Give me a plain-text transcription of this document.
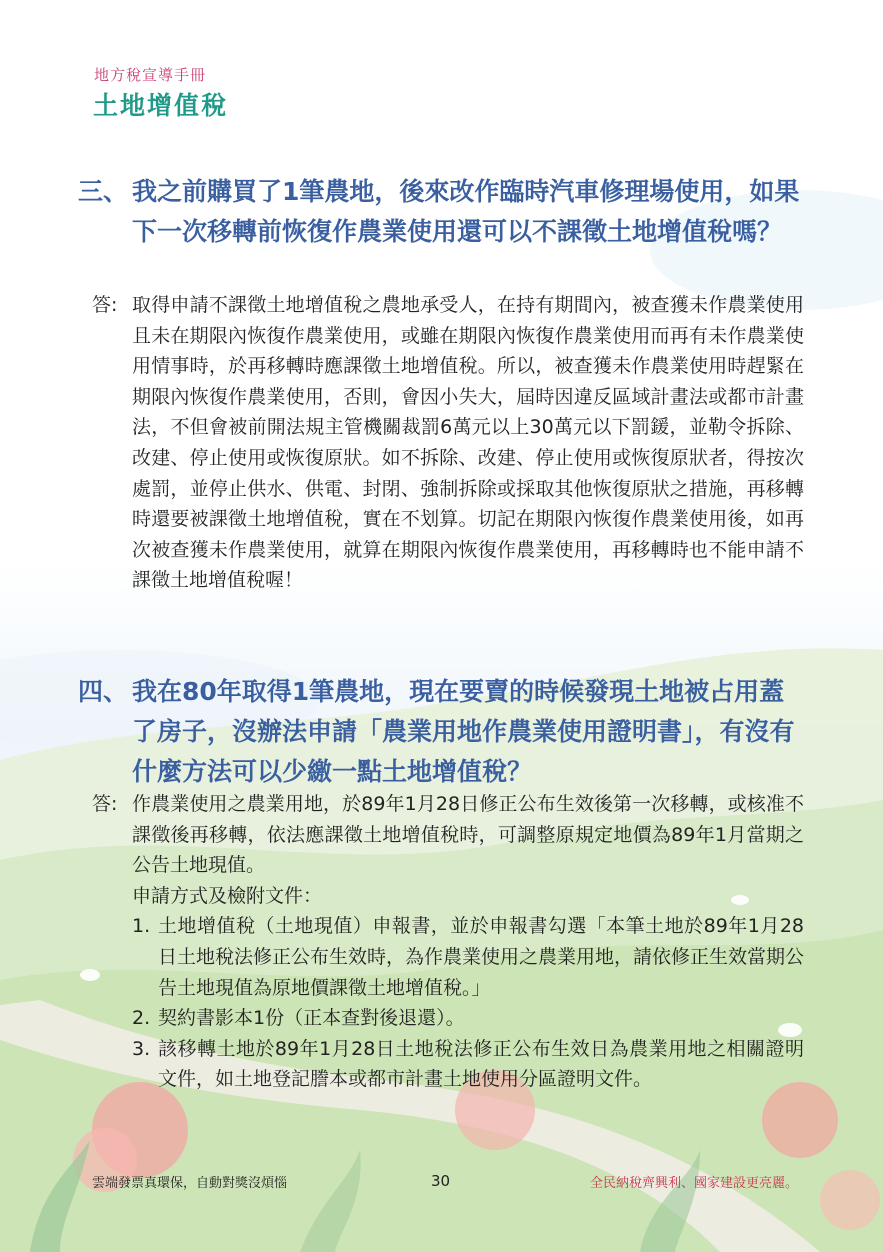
地方稅宣導手冊
土地增值稅
三、 我之前購買了1筆農地，後來改作臨時汽車修理場使用，如果下一次移轉前恢復作農業使用還可以不課徵土地增值稅嗎？
答: 取得申請不課徵土地增值稅之農地承受人，在持有期間內，被查獲未作農業使用且未在期限內恢復作農業使用，或雖在期限內恢復作農業使用而再有未作農業使用情事時，於再移轉時應課徵土地增值稅。所以，被查獲未作農業使用時趕緊在期限內恢復作農業使用，否則，會因小失大，屆時因違反區域計畫法或都市計畫法，不但會被前開法規主管機關裁罰6萬元以上30萬元以下罰鍰，並勒令拆除、改建、停止使用或恢復原狀。如不拆除、改建、停止使用或恢復原狀者，得按次處罰，並停止供水、供電、封閉、強制拆除或採取其他恢復原狀之措施，再移轉時還要被課徵土地增值稅，實在不划算。切記在期限內恢復作農業使用後，如再次被查獲未作農業使用，就算在期限內恢復作農業使用，再移轉時也不能申請不課徵土地增值稅喔！
四、 我在80年取得1筆農地，現在要賣的時候發現土地被占用蓋了房子，沒辦法申請「農業用地作農業使用證明書」，有沒有什麼方法可以少繳一點土地增值稅？
答: 作農業使用之農業用地，於89年1月28日修正公布生效後第一次移轉，或核准不課徵後再移轉，依法應課徵土地增值稅時，可調整原規定地價為89年1月當期之公告土地現值。
申請方式及檢附文件：
1. 土地增值稅（土地現值）申報書，並於申報書勾選「本筆土地於89年1月28日土地稅法修正公布生效時，為作農業使用之農業用地，請依修正生效當期公告土地現值為原地價課徵土地增值稅。」
2. 契約書影本1份（正本查對後退還）。
3. 該移轉土地於89年1月28日土地稅法修正公布生效日為農業用地之相關證明文件，如土地登記謄本或都市計畫土地使用分區證明文件。
雲端發票真環保，自動對獎沒煩惱	30	全民納稅齊興利、國家建設更亮麗。
